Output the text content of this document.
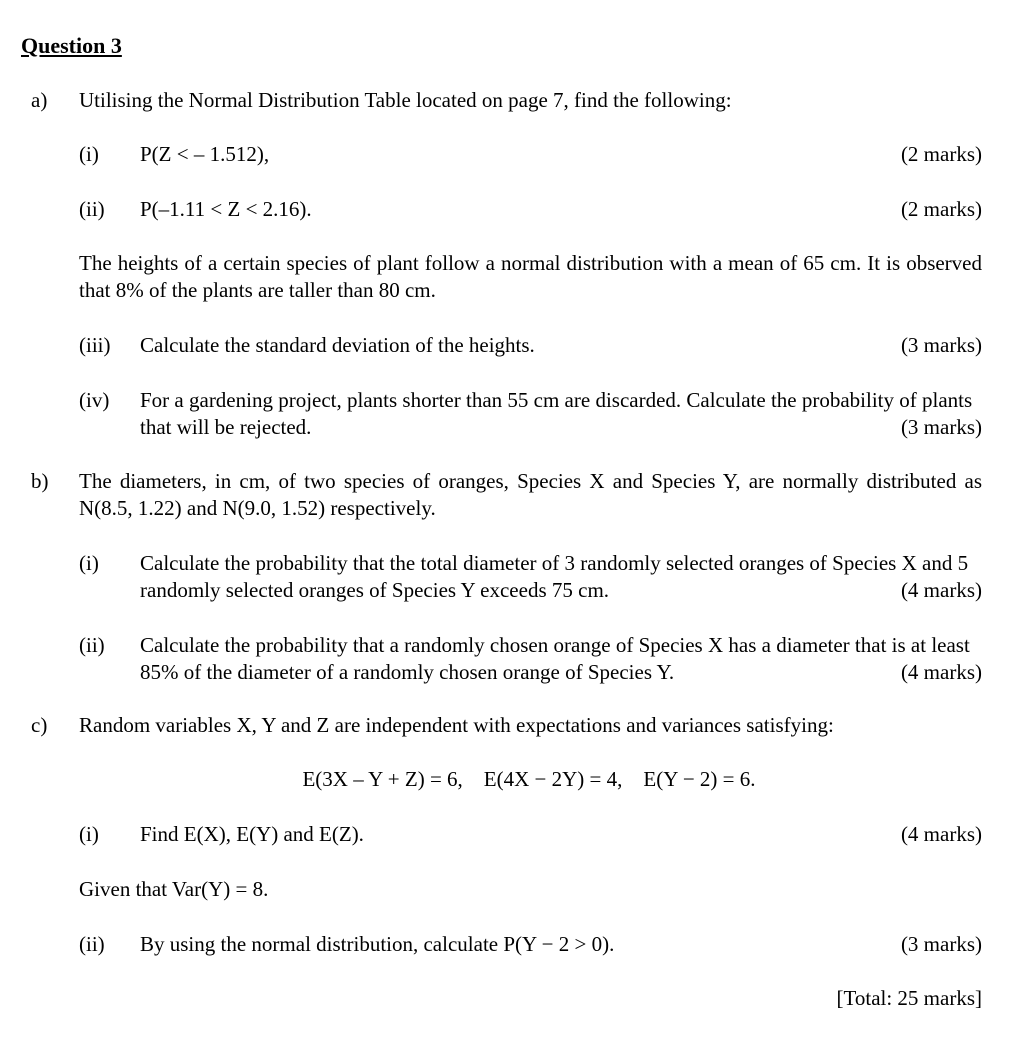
Question 3
a) Utilising the Normal Distribution Table located on page 7, find the following:
(i) P(Z < – 1.512),	(2 marks)
(ii) P(–1.11 < Z < 2.16).	(2 marks)
The heights of a certain species of plant follow a normal distribution with a mean of 65 cm. It is observed that 8% of the plants are taller than 80 cm.
(iii) Calculate the standard deviation of the heights.	(3 marks)
(iv) For a gardening project, plants shorter than 55 cm are discarded. Calculate the probability of plants that will be rejected.	(3 marks)
b) The diameters, in cm, of two species of oranges, Species X and Species Y, are normally distributed as N(8.5, 1.22) and N(9.0, 1.52) respectively.
(i) Calculate the probability that the total diameter of 3 randomly selected oranges of Species X and 5 randomly selected oranges of Species Y exceeds 75 cm.	(4 marks)
(ii) Calculate the probability that a randomly chosen orange of Species X has a diameter that is at least 85% of the diameter of a randomly chosen orange of Species Y.	(4 marks)
c) Random variables X, Y and Z are independent with expectations and variances satisfying:
E(3X – Y + Z) = 6,    E(4X − 2Y) = 4,    E(Y − 2) = 6.
(i) Find E(X), E(Y) and E(Z).	(4 marks)
Given that Var(Y) = 8.
(ii) By using the normal distribution, calculate P(Y − 2 > 0).	(3 marks)
[Total: 25 marks]
